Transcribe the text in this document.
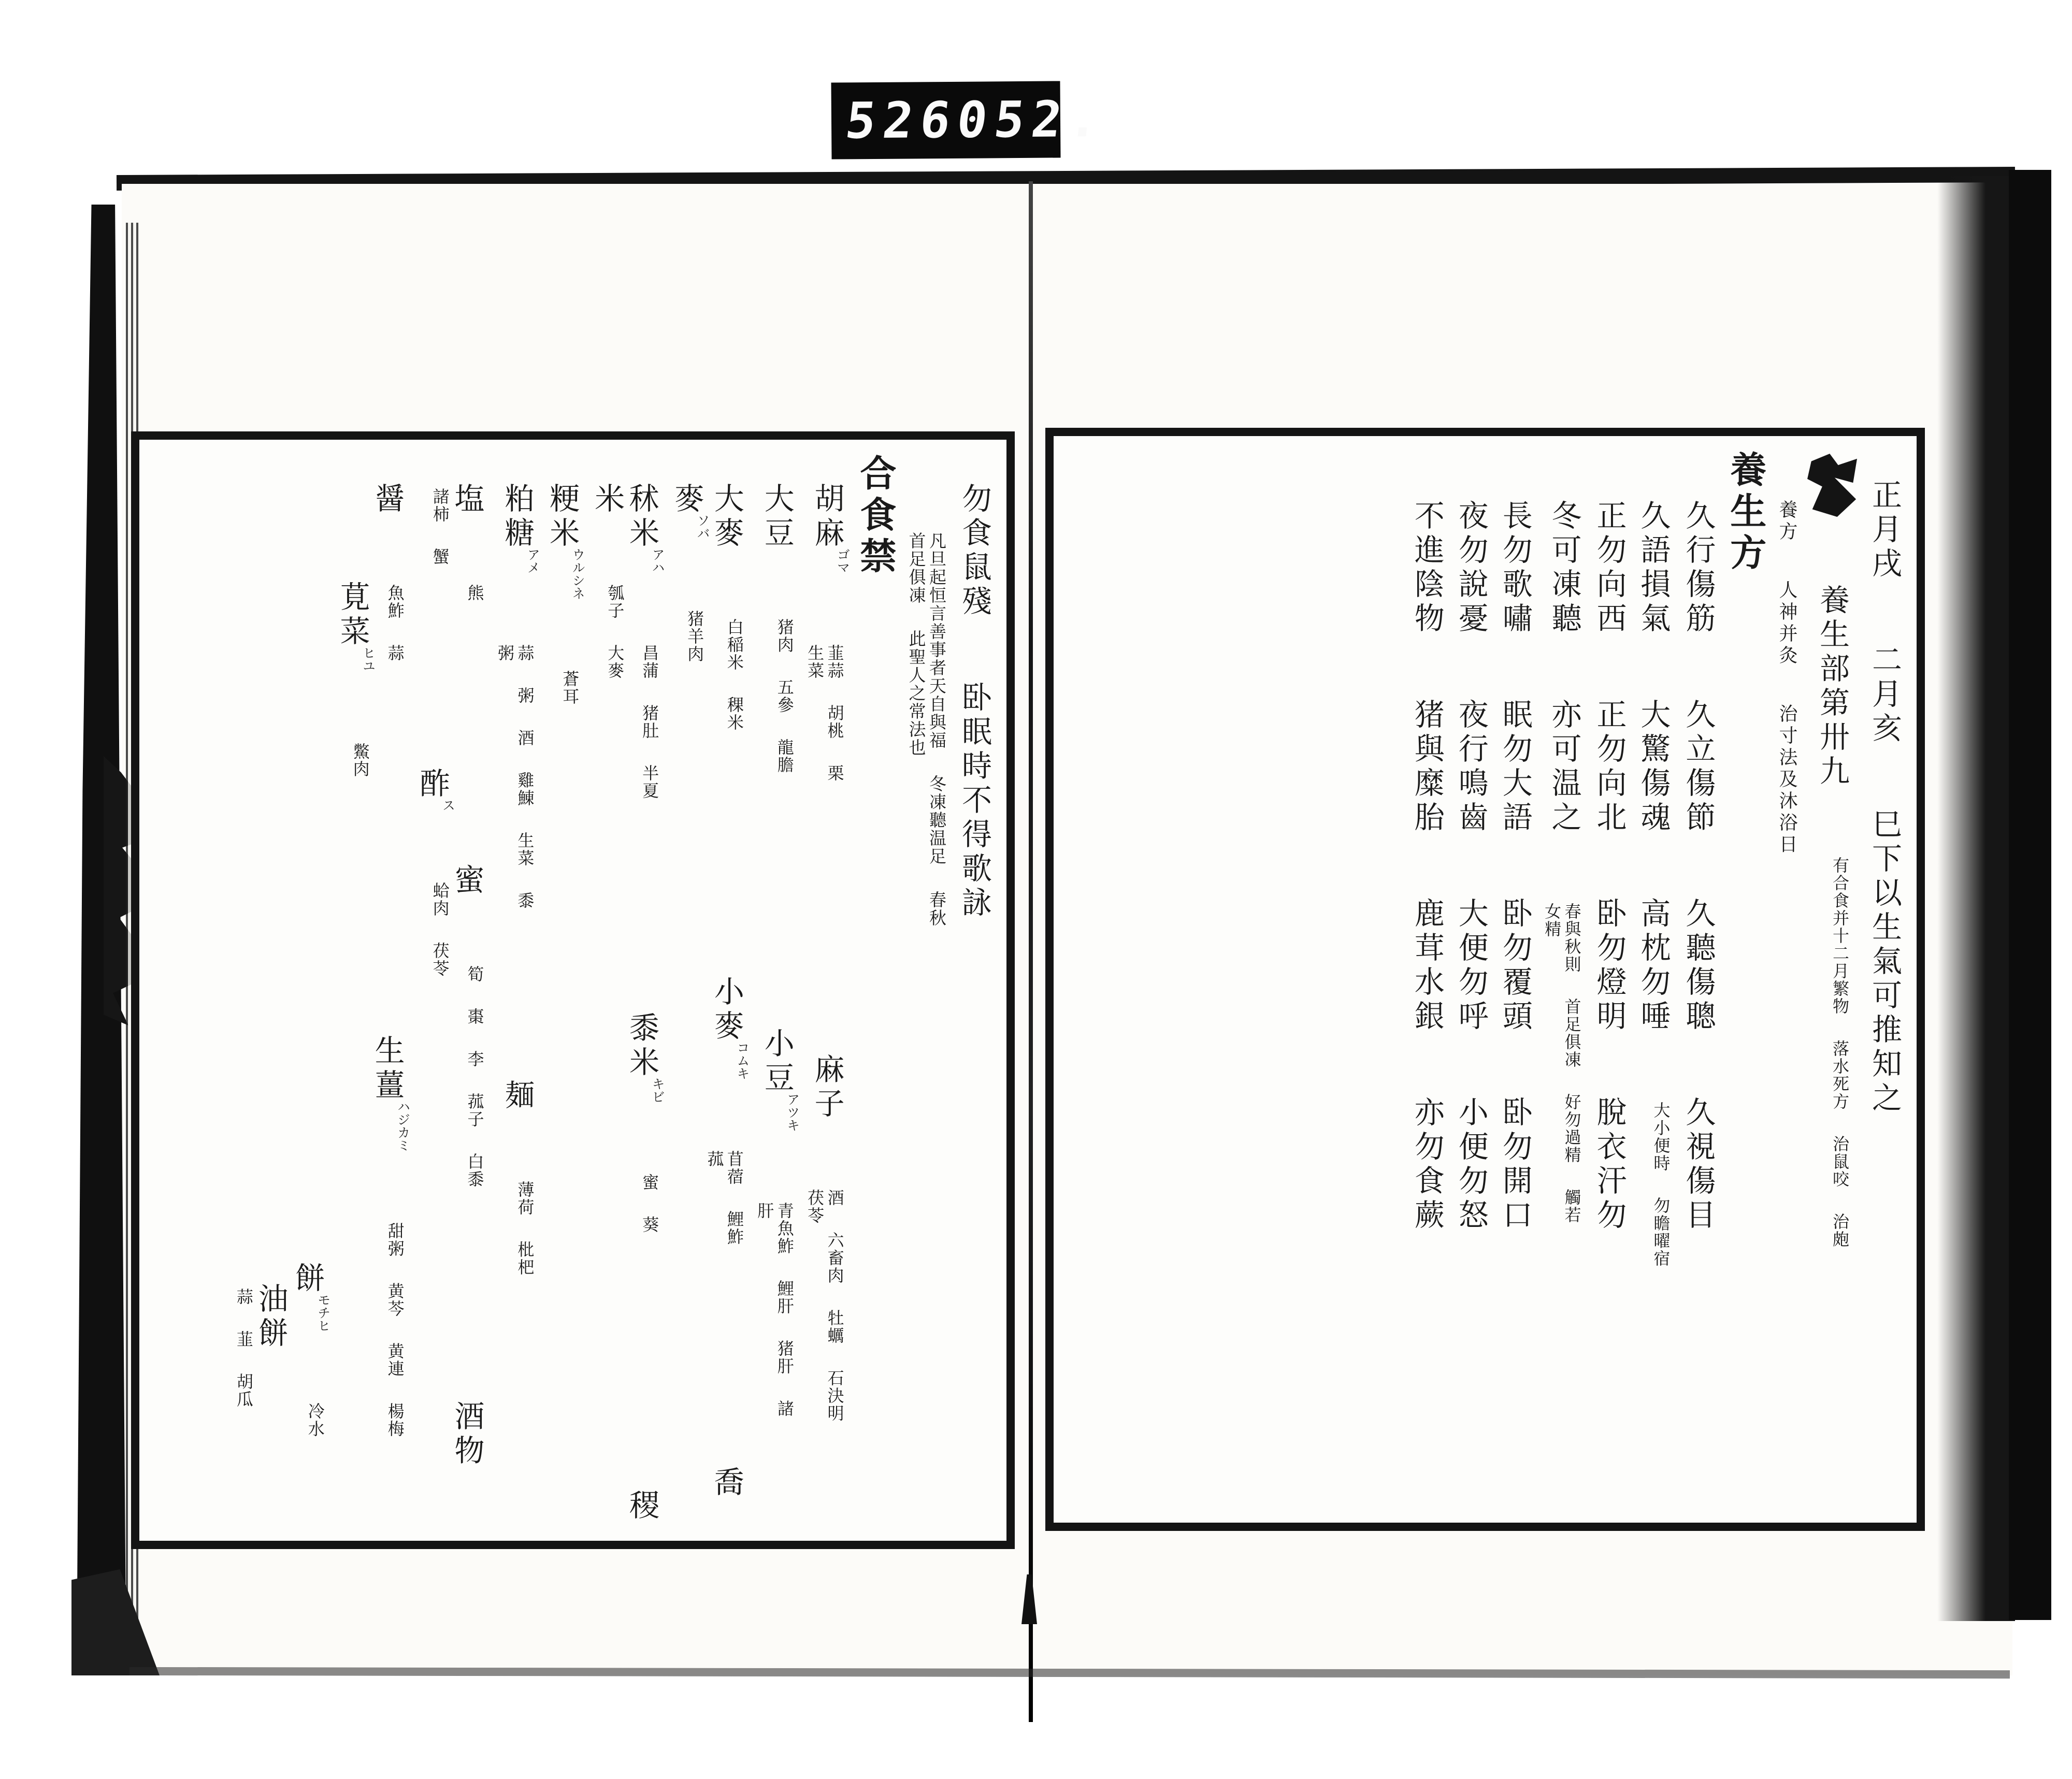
526
052.
正月戌 二月亥 巳下以生氣可推知之
養生部第卅九 有合食并十二月繁物 落水死方 治鼠咬 治皰
養方 人神并灸 治寸法及沐浴日
養生方
久行傷筋 久立傷節 久聽傷聰 久視傷目
久語損氣 大驚傷魂 高枕勿唾 大小便時 勿瞻曜宿
正勿向西 正勿向北 卧勿燈明 脫衣汗勿
冬可凍聽 亦可温之 春與秋則 首足俱凍 好勿過精 觸若女精
長勿歌嘯 眠勿大語 卧勿覆頭 卧勿開口
夜勿說憂 夜行鳴齒 大便勿呼 小便勿怒
不進陰物 猪與糜胎 鹿茸水銀 亦勿食蕨
勿食鼠殘 卧眠時不得歌詠
凡旦起恒言善事者天自與福 冬凍聽温足 春秋首足俱凍 此聖人之常法也
合食禁
胡麻ゴマ 韮蒜 胡桃 栗 生菜  麻子 酒 六畜肉 牡蠣 石決明 茯苓
大豆 猪肉 五參 龍膽  小豆アツキ 青魚鮓 鯉肝 猪肝 諸肝
大麥 白稲米 稞米  小麥コムキ 苜蓿 鯉鮓 菰  喬麥ソバ 猪羊肉
秫米アハ 昌蒲 猪肚 半夏  黍米キビ 蜜 葵  稷米 瓠子 大麥
粳米ウルシネ 蒼耳
粕糖アメ 蒜 粥 酒 雞鯟 生菜 黍粥  麺 薄荷 枇杷
塩 熊  蜜 筍 棗 李 菰子 白黍  酒物 諸柿 蟹  酢ス 蛤肉 茯苓
醤 魚鮓 蒜  生薑ハジカミ 甜粥 黄芩 黄連 楊梅  莧菜ヒユ 鱉肉
餅モチヒ 冷水
油餅 蒜 韮 胡瓜
